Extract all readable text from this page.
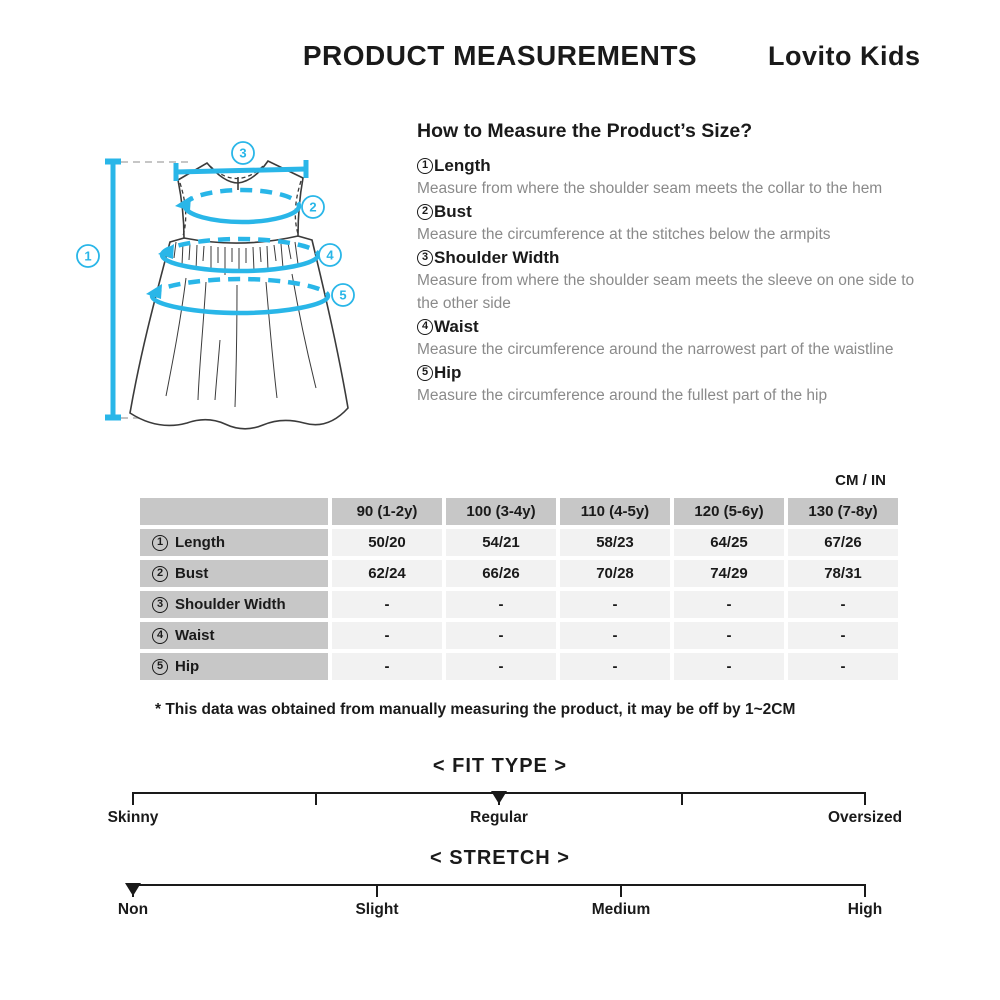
PRODUCT MEASUREMENTS	Lovito Kids
1
2
3
4
5
How to Measure the Product’s Size?
1 Length

Measure from where the shoulder seam meets the collar to the hem

2 Bust

Measure the circumference at the stitches below the armpits

3 Shoulder Width

Measure from where the shoulder seam meets the sleeve on one side to the other side

4 Waist

Measure the circumference around the narrowest part of the waistline

5 Hip

Measure the circumference around the fullest part of the hip

CM / IN
	90 (1-2y)	100 (3-4y)	110 (4-5y)	120 (5-6y)	130 (7-8y)

1 Length	50/20	54/21	58/23	64/25	67/26

2 Bust	62/24	66/26	70/28	74/29	78/31

3 Shoulder Width	-	-	-	-	-

4 Waist	-	-	-	-	-

5 Hip	-	-	-	-	-
* This data was obtained from manually measuring the product, it may be off by 1~2CM
< FIT TYPE >
Skinny	Regular	Oversized
< STRETCH >
Non	Slight	Medium	High
